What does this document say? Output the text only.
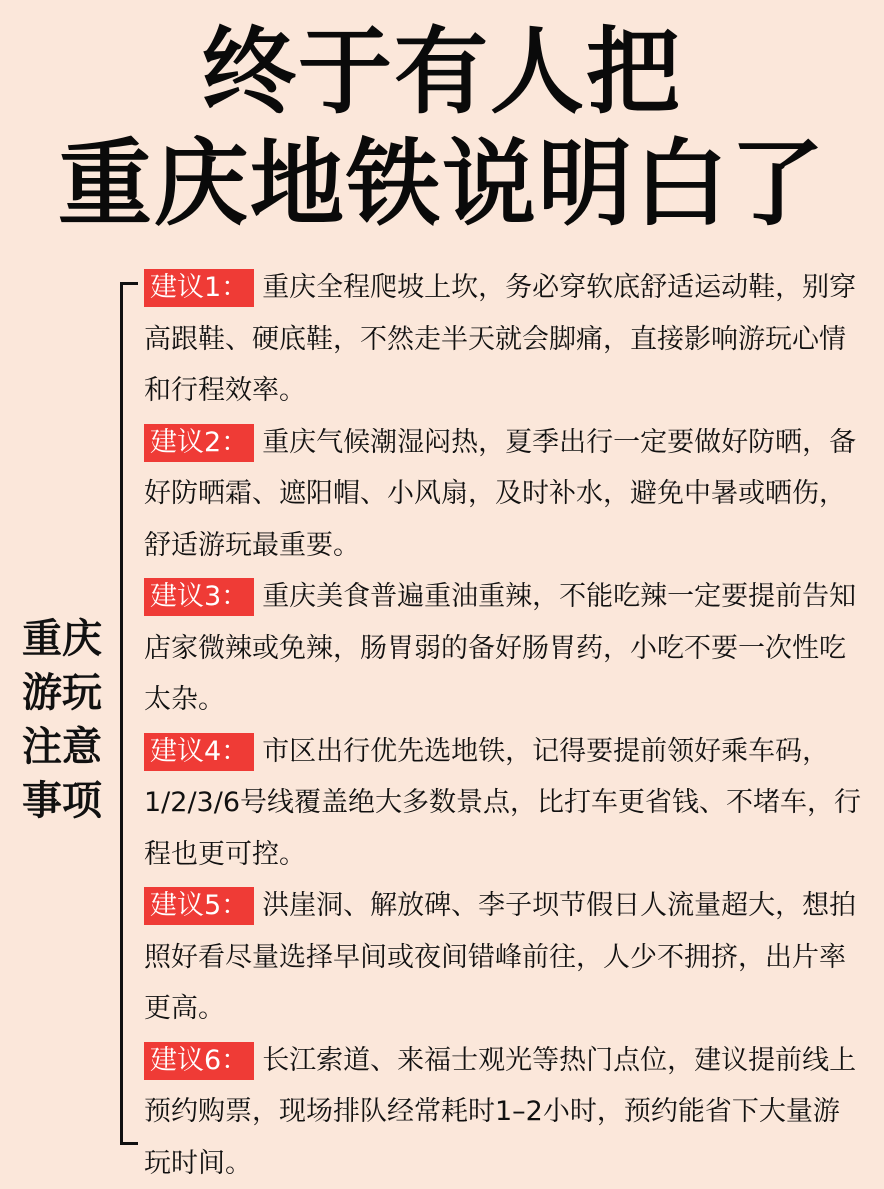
终于有人把
重庆地铁说明白了
重庆
游玩
注意
事项

建议1： 重庆全程爬坡上坎，务必穿软底舒适运动鞋，别穿高跟鞋、硬底鞋，不然走半天就会脚痛，直接影响游玩心情和行程效率。

建议2： 重庆气候潮湿闷热，夏季出行一定要做好防晒，备好防晒霜、遮阳帽、小风扇，及时补水，避免中暑或晒伤，舒适游玩最重要。

建议3： 重庆美食普遍重油重辣，不能吃辣一定要提前告知店家微辣或免辣，肠胃弱的备好肠胃药，小吃不要一次性吃太杂。

建议4： 市区出行优先选地铁，记得要提前领好乘车码，1/2/3/6号线覆盖绝大多数景点，比打车更省钱、不堵车，行程也更可控。

建议5： 洪崖洞、解放碑、李子坝节假日人流量超大，想拍照好看尽量选择早间或夜间错峰前往，人少不拥挤，出片率更高。

建议6： 长江索道、来福士观光等热门点位，建议提前线上预约购票，现场排队经常耗时1–2小时，预约能省下大量游玩时间。
